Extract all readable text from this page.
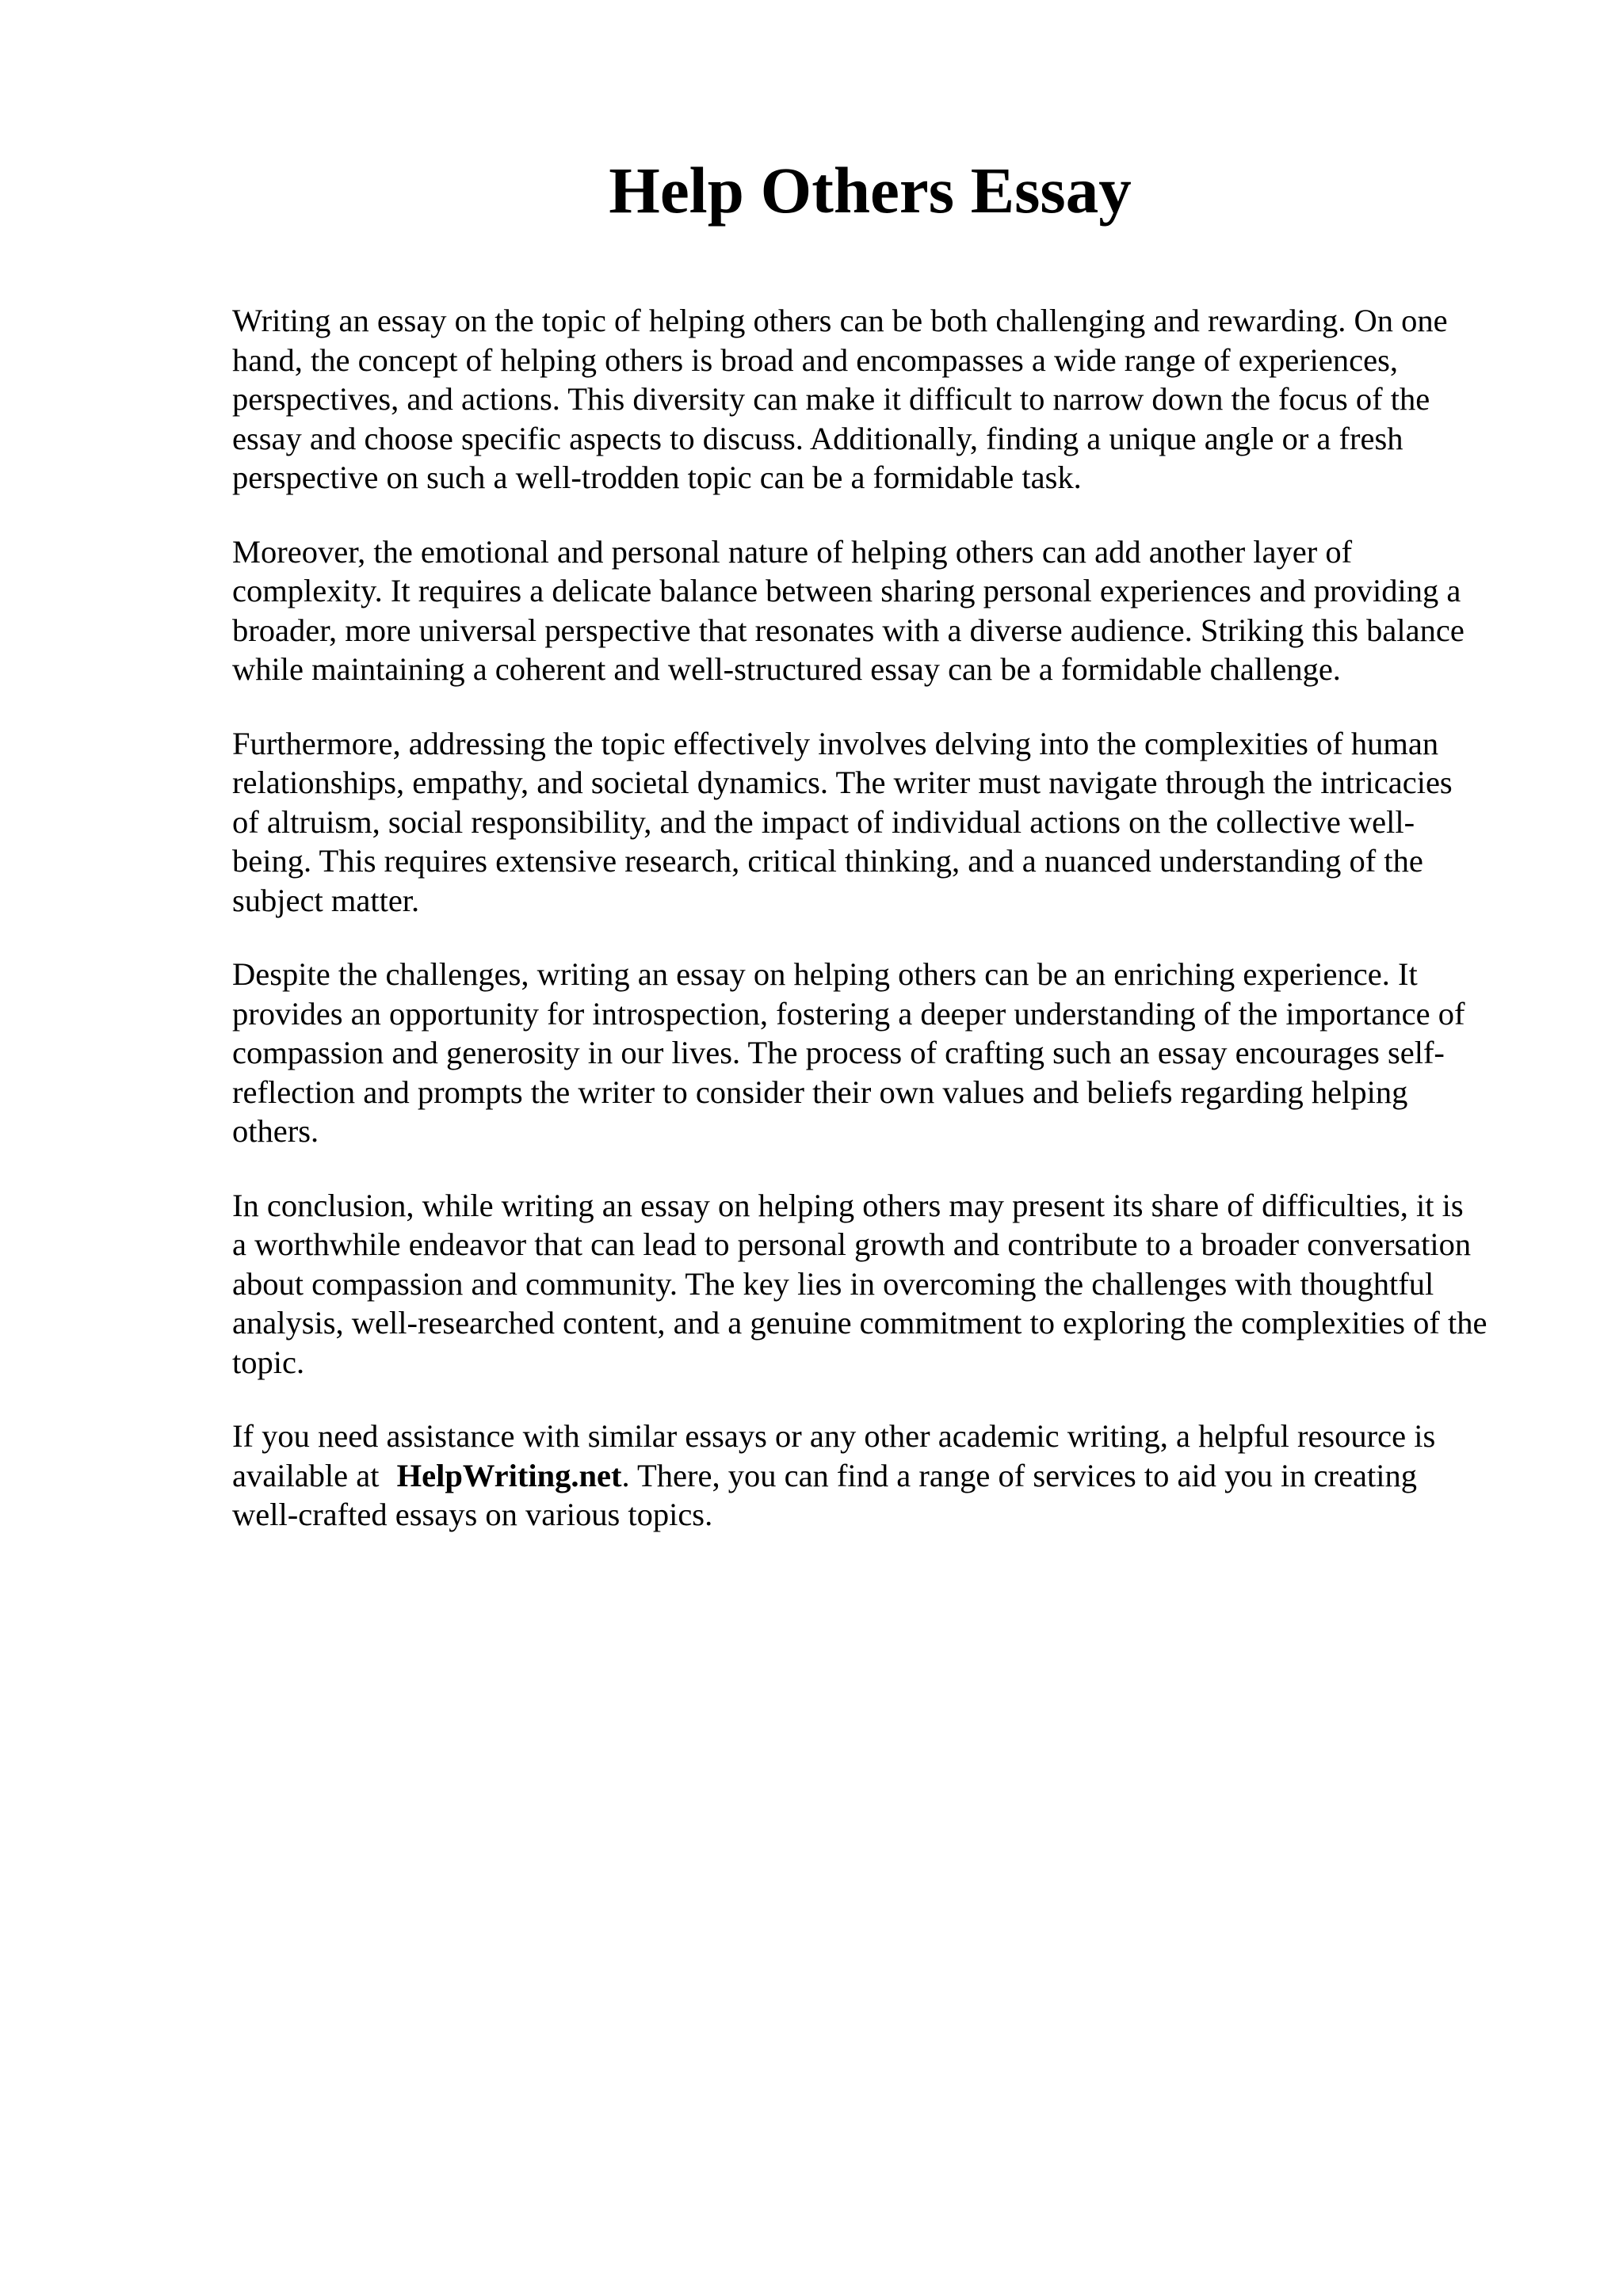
Help Others Essay

Writing an essay on the topic of helping others can be both challenging and rewarding. On one
hand, the concept of helping others is broad and encompasses a wide range of experiences,
perspectives, and actions. This diversity can make it difficult to narrow down the focus of the
essay and choose specific aspects to discuss. Additionally, finding a unique angle or a fresh
perspective on such a well-trodden topic can be a formidable task.

Moreover, the emotional and personal nature of helping others can add another layer of
complexity. It requires a delicate balance between sharing personal experiences and providing a
broader, more universal perspective that resonates with a diverse audience. Striking this balance
while maintaining a coherent and well-structured essay can be a formidable challenge.

Furthermore, addressing the topic effectively involves delving into the complexities of human
relationships, empathy, and societal dynamics. The writer must navigate through the intricacies
of altruism, social responsibility, and the impact of individual actions on the collective well-
being. This requires extensive research, critical thinking, and a nuanced understanding of the
subject matter.

Despite the challenges, writing an essay on helping others can be an enriching experience. It
provides an opportunity for introspection, fostering a deeper understanding of the importance of
compassion and generosity in our lives. The process of crafting such an essay encourages self-
reflection and prompts the writer to consider their own values and beliefs regarding helping
others.

In conclusion, while writing an essay on helping others may present its share of difficulties, it is
a worthwhile endeavor that can lead to personal growth and contribute to a broader conversation
about compassion and community. The key lies in overcoming the challenges with thoughtful
analysis, well-researched content, and a genuine commitment to exploring the complexities of the
topic.

If you need assistance with similar essays or any other academic writing, a helpful resource is
available at HelpWriting.net. There, you can find a range of services to aid you in creating
well-crafted essays on various topics.
